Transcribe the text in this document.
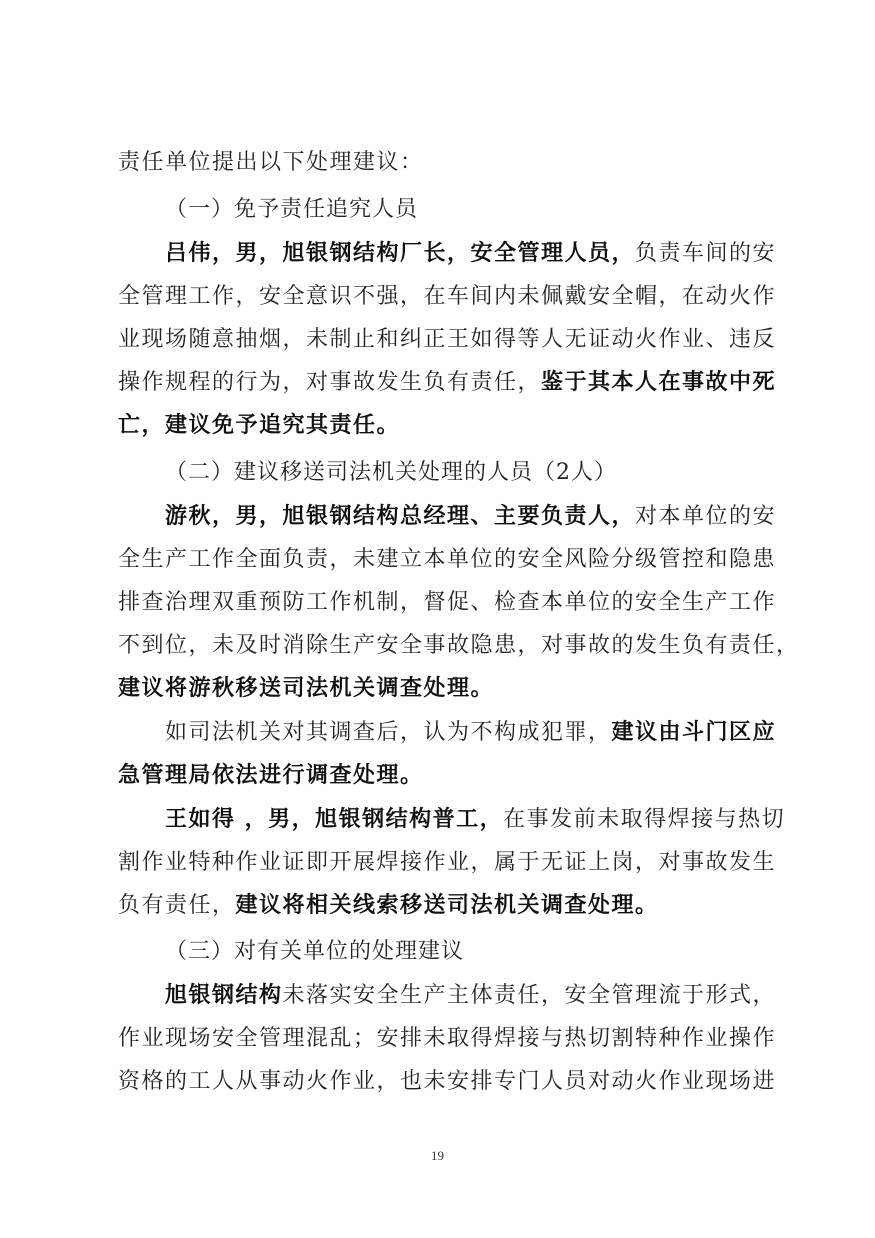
责任单位提出以下处理建议：
（一）免予责任追究人员
吕伟，男，旭银钢结构厂长，安全管理人员，负责车间的安
全管理工作，安全意识不强，在车间内未佩戴安全帽，在动火作
业现场随意抽烟，未制止和纠正王如得等人无证动火作业、违反
操作规程的行为，对事故发生负有责任，鉴于其本人在事故中死
亡，建议免予追究其责任。
（二）建议移送司法机关处理的人员（2人）
游秋，男，旭银钢结构总经理、主要负责人，对本单位的安
全生产工作全面负责，未建立本单位的安全风险分级管控和隐患
排查治理双重预防工作机制，督促、检查本单位的安全生产工作
不到位，未及时消除生产安全事故隐患，对事故的发生负有责任，
建议将游秋移送司法机关调查处理。
如司法机关对其调查后，认为不构成犯罪，建议由斗门区应
急管理局依法进行调查处理。
王如得 ，男，旭银钢结构普工，在事发前未取得焊接与热切
割作业特种作业证即开展焊接作业，属于无证上岗，对事故发生
负有责任，建议将相关线索移送司法机关调查处理。
（三）对有关单位的处理建议
旭银钢结构未落实安全生产主体责任，安全管理流于形式，
作业现场安全管理混乱；安排未取得焊接与热切割特种作业操作
资格的工人从事动火作业，也未安排专门人员对动火作业现场进
19
